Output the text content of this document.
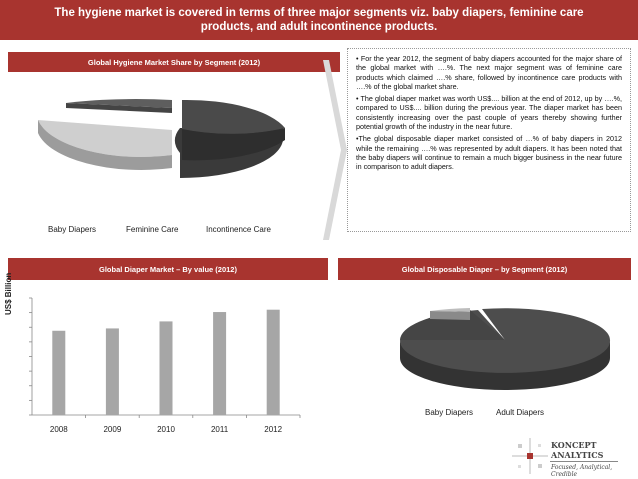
The hygiene market is covered in terms of three major segments viz. baby diapers, feminine care products, and adult incontinence products.
Global Hygiene Market Share by Segment (2012)
Baby Diapers	Feminine Care	Incontinence Care

• For the year 2012, the segment of baby diapers accounted for the major share of the global market with ….%. The next major segment was of feminine care products which claimed ….% share, followed by incontinence care products with ….% of the global market share.

• The global diaper market was worth US$.... billion at the end of 2012, up by ….%, compared to US$.... billion during the previous year. The diaper market has been consistently increasing over the past couple of years thereby showing further potential growth of the industry in the near future.

•The global disposable diaper market consisted of …% of baby diapers in 2012 while the remaining ….% was represented by adult diapers. It has been noted that the baby diapers will continue to remain a much bigger business in the near future in comparison to adult diapers.

Global Diaper Market – By value (2012)
US$ Billion
2008	2009	2010	2011	2012
Global Disposable Diaper – by Segment (2012)
Baby Diapers	Adult Diapers
KONCEPT
ANALYTICS
Focused, Analytical, Credible
